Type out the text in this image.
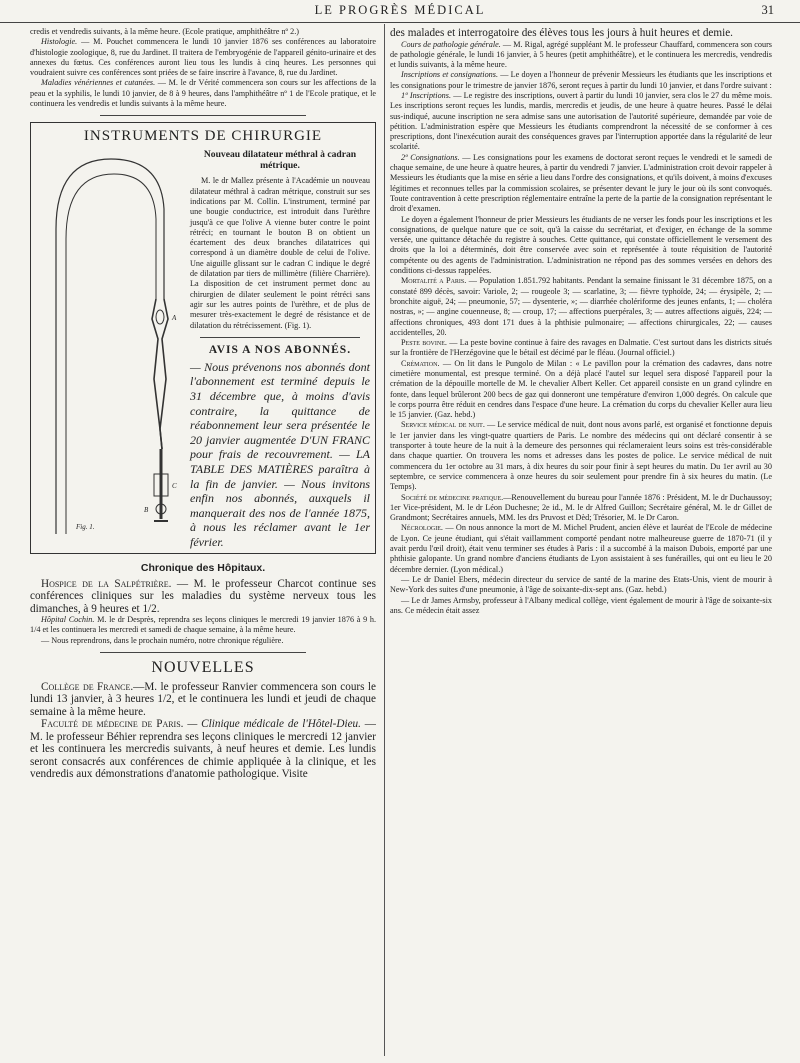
LE PROGRÈS MÉDICAL	31

credis et vendredis suivants, à la même heure. (Ecole pratique, amphithéâtre nº 2.)

Histologie. — M. Pouchet commencera le lundi 10 janvier 1876 ses conférences au laboratoire d'histologie zoologique, 8, rue du Jardinet. Il traitera de l'embryogénie de l'appareil génito-urinaire et des annexes du fœtus. Ces conférences auront lieu tous les lundis à cinq heures. Les personnes qui voudraient suivre ces conférences sont priées de se faire inscrire à l'avance, 8, rue du Jardinet.

Maladies vénériennes et cutanées. — M. le dr Vérité commencera son cours sur les affections de la peau et la syphilis, le lundi 10 janvier, de 8 à 9 heures, dans l'amphithéâtre nº 1 de l'Ecole pratique, et le continuera les vendredis et lundis suivants à la même heure.

INSTRUMENTS DE CHIRURGIE
A
B
C
Fig. 1.
Nouveau dilatateur méthral à cadran métrique.

M. le dr Mallez présente à l'Académie un nouveau dilatateur méthral à cadran métrique, construit sur ses indications par M. Collin. L'instrument, terminé par une bougie conductrice, est introduit dans l'urèthre jusqu'à ce que l'olive A vienne buter contre le point rétréci; en tournant le bouton B on obtient un écartement des deux branches dilatatrices qui correspond à un diamètre double de celui de l'olive. Une aiguille glissant sur le cadran C indique le degré de dilatation par tiers de millimètre (filière Charrière). La disposition de cet instrument permet donc au chirurgien de dilater seulement le point rétréci sans agir sur les autres points de l'urèthre, et de plus de mesurer très-exactement le degré de résistance et de dilatation du rétrécissement. (Fig. 1).

AVIS A NOS ABONNÉS.

— Nous prévenons nos abonnés dont l'abonnement est terminé depuis le 31 décembre que, à moins d'avis contraire, la quittance de réabonnement leur sera présentée le 20 janvier augmentée D'UN FRANC pour frais de recouvrement. — LA TABLE DES MATIÈRES paraîtra à la fin de janvier. — Nous invitons enfin nos abonnés, auxquels il manquerait des nos de l'année 1875, à nous les réclamer avant le 1er février.

Chronique des Hôpitaux.

Hospice de la Salpétrière. — M. le professeur Charcot continue ses conférences cliniques sur les maladies du système nerveux tous les dimanches, à 9 heures et 1/2.

Hôpital Cochin. M. le dr Desprès, reprendra ses leçons cliniques le mercredi 19 janvier 1876 à 9 h. 1/4 et les continuera les mercredi et samedi de chaque semaine, à la même heure.

— Nous reprendrons, dans le prochain numéro, notre chronique régulière.

NOUVELLES

Collège de France.—M. le professeur Ranvier commencera son cours le lundi 13 janvier, à 3 heures 1/2, et le continuera les lundi et jeudi de chaque semaine à la même heure.

Faculté de médecine de Paris. — Clinique médicale de l'Hôtel-Dieu. — M. le professeur Béhier reprendra ses leçons cliniques le mercredi 12 janvier et les continuera les mercredis suivants, à neuf heures et demie. Les lundis seront consacrés aux conférences de chimie appliquée à la clinique, et les vendredis aux démonstrations d'anatomie pathologique. Visite

des malades et interrogatoire des élèves tous les jours à huit heures et demie.

Cours de pathologie générale. — M. Rigal, agrégé suppléant M. le professeur Chauffard, commencera son cours de pathologie générale, le lundi 16 janvier, à 5 heures (petit amphithéâtre), et le continuera les mercredis, vendredis et lundis suivants, à la même heure.

Inscriptions et consignations. — Le doyen a l'honneur de prévenir Messieurs les étudiants que les inscriptions et les consignations pour le trimestre de janvier 1876, seront reçues à partir du lundi 10 janvier, et dans l'ordre suivant :

1º Inscriptions. — Le registre des inscriptions, ouvert à partir du lundi 10 janvier, sera clos le 27 du même mois. Les inscriptions seront reçues les lundis, mardis, mercredis et jeudis, de une heure à quatre heures. Passé le délai sus-indiqué, aucune inscription ne sera admise sans une autorisation de l'autorité supérieure, demandée par voie de pétition. L'administration espère que Messieurs les étudiants comprendront la nécessité de se conformer à ces prescriptions, dont l'inexécution aurait des conséquences graves par l'interruption apportée dans la régularité de leur scolarité.

2º Consignations. — Les consignations pour les examens de doctorat seront reçues le vendredi et le samedi de chaque semaine, de une heure à quatre heures, à partir du vendredi 7 janvier. L'administration croit devoir rappeler à Messieurs les étudiants que la mise en série a lieu dans l'ordre des consignations, et qu'ils doivent, à moins d'excuses légitimes et reconnues telles par la commission scolaires, se présenter devant le jury le jour où ils sont convoqués. Toute contravention à cette prescription réglementaire entraîne la perte de la partie de la consignation représentant le droit d'examen.

Le doyen a également l'honneur de prier Messieurs les étudiants de ne verser les fonds pour les inscriptions et les consignations, de quelque nature que ce soit, qu'à la caisse du secrétariat, et d'exiger, en échange de la somme versée, une quittance détachée du registre à souches. Cette quittance, qui constate officiellement le versement des droits que la loi a déterminés, doit être conservée avec soin et représentée à toute réquisition de l'autorité compétente ou des agents de l'administration. L'administration ne répond pas des sommes versées en dehors des conditions ci-dessus rappelées.

Mortalité a Paris. — Population 1.851.792 habitants. Pendant la semaine finissant le 31 décembre 1875, on a constaté 899 décès, savoir: Variole, 2; — rougeole 3; — scarlatine, 3; — fièvre typhoïde, 24; — érysipèle, 2; — bronchite aiguë, 24; — pneumonie, 57; — dysenterie, »; — diarrhée cholériforme des jeunes enfants, 1; — choléra nostras, »; — angine couenneuse, 8; — croup, 17; — affections puerpérales, 3; — autres affections aiguës, 224; — affections chroniques, 493 dont 171 dues à la phthisie pulmonaire; — affections chirurgicales, 22; — causes accidentelles, 20.

Peste bovine. — La peste bovine continue à faire des ravages en Dalmatie. C'est surtout dans les districts situés sur la frontière de l'Herzégovine que le bétail est décimé par le fléau. (Journal officiel.)

Crémation. — On lit dans le Pungolo de Milan : « Le pavillon pour la crémation des cadavres, dans notre cimetière monumental, est presque terminé. On a déjà placé l'autel sur lequel sera disposé l'appareil pour la crémation de la dépouille mortelle de M. le chevalier Albert Keller. Cet appareil consiste en un grand cylindre en fonte, dans lequel brûleront 200 becs de gaz qui donneront une température d'environ 1,000 degrés. On calcule que le corps pourra être réduit en cendres dans l'espace d'une heure. La crémation du corps du chevalier Keller aura lieu le 15 janvier. (Gaz. hebd.)

Service médical de nuit. — Le service médical de nuit, dont nous avons parlé, est organisé et fonctionne depuis le 1er janvier dans les vingt-quatre quartiers de Paris. Le nombre des médecins qui ont déclaré consentir à se transporter à toute heure de la nuit à la demeure des personnes qui réclameraient leurs soins est très-considérable dans chaque quartier. On trouvera les noms et adresses dans les postes de police. Le service médical de nuit commencera du 1er octobre au 31 mars, à dix heures du soir pour finir à sept heures du matin. Du 1er avril au 30 septembre, ce service commencera à onze heures du soir seulement pour prendre fin à six heures du matin. (Le Temps).

Société de médecine pratique.—Renouvellement du bureau pour l'année 1876 : Président, M. le dr Duchaussoy; 1er Vice-président, M. le dr Léon Duchesne; 2e id., M. le dr Alfred Guillon; Secrétaire général, M. le dr Gillet de Grandmont; Secrétaires annuels, MM. les drs Pruvost et Dèd; Trésorier, M. le Dr Caron.

Nécrologie. — On nous annonce la mort de M. Michel Prudent, ancien élève et lauréat de l'Ecole de médecine de Lyon. Ce jeune étudiant, qui s'était vaillamment comporté pendant notre malheureuse guerre de 1870-71 (il y avait perdu l'œil droit), était venu terminer ses études à Paris : il a succombé à la maison Dubois, emporté par une phthisie galopante. Un grand nombre d'anciens étudiants de Lyon assistaient à ses funérailles, qui ont eu lieu le 20 décembre dernier. (Lyon médical.)

— Le dr Daniel Ebers, médecin directeur du service de santé de la marine des Etats-Unis, vient de mourir à New-York des suites d'une pneumonie, à l'âge de soixante-dix-sept ans. (Gaz. hebd.)

— Le dr James Armsby, professeur à l'Albany medical collège, vient également de mourir à l'âge de soixante-six ans. Ce médecin était assez
